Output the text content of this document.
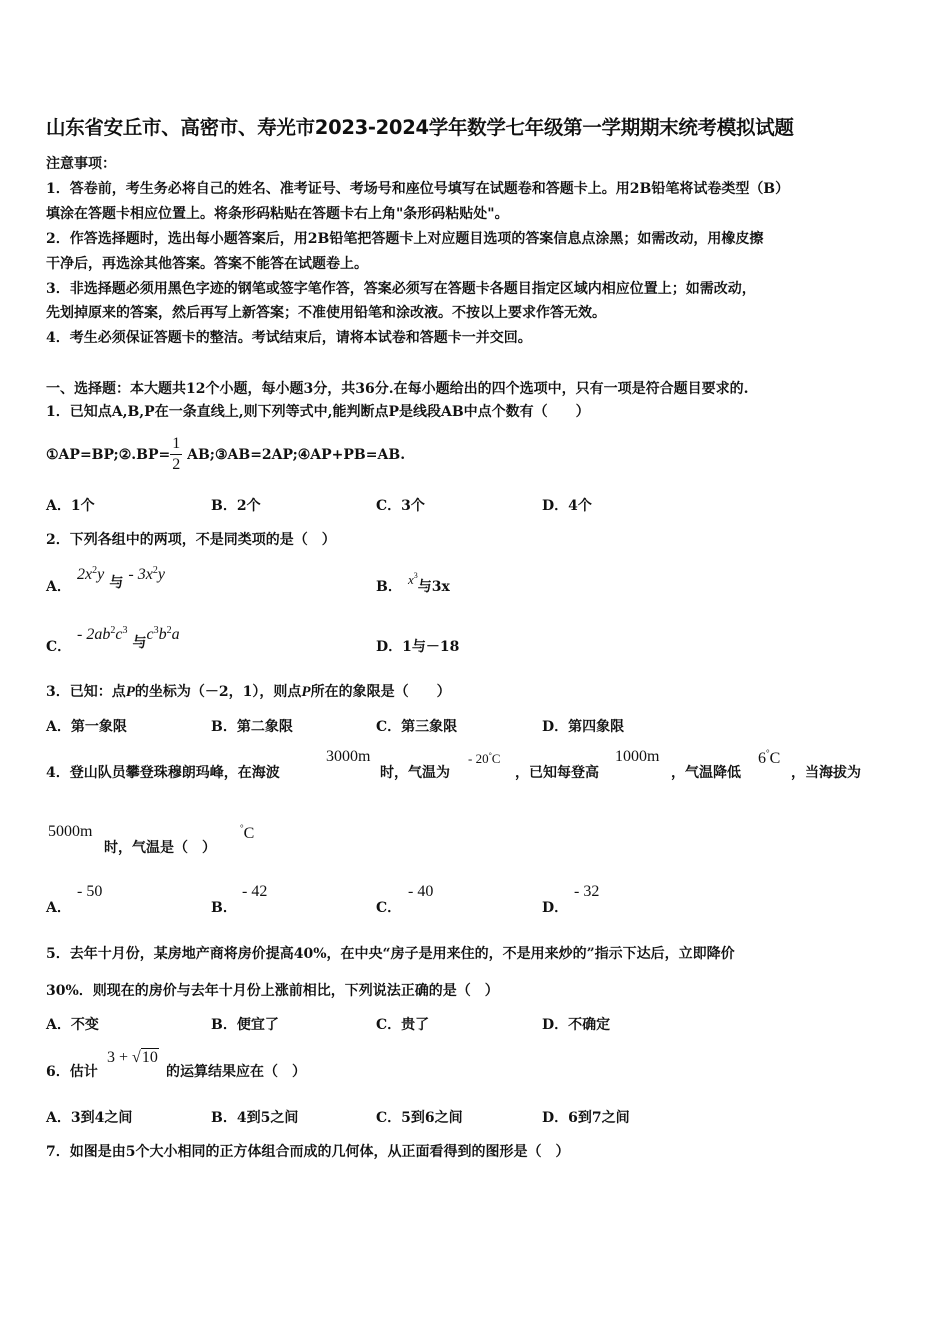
山东省安丘市、高密市、寿光市2023-2024学年数学七年级第一学期期末统考模拟试题
注意事项：
1．答卷前，考生务必将自己的姓名、准考证号、考场号和座位号填写在试题卷和答题卡上。用2B铅笔将试卷类型（B）
填涂在答题卡相应位置上。将条形码粘贴在答题卡右上角"条形码粘贴处"。
2．作答选择题时，选出每小题答案后，用2B铅笔把答题卡上对应题目选项的答案信息点涂黑；如需改动，用橡皮擦
干净后，再选涂其他答案。答案不能答在试题卷上。
3．非选择题必须用黑色字迹的钢笔或签字笔作答，答案必须写在答题卡各题目指定区域内相应位置上；如需改动，
先划掉原来的答案，然后再写上新答案；不准使用铅笔和涂改液。不按以上要求作答无效。
4．考生必须保证答题卡的整洁。考试结束后，请将本试卷和答题卡一并交回。
一、选择题：本大题共12个小题，每小题3分，共36分.在每小题给出的四个选项中，只有一项是符合题目要求的.
1．已知点A,B,P在一条直线上,则下列等式中,能判断点P是线段AB中点个数有（　　）
①AP=BP;②.BP= $\frac{1}{2}$ AB;③AB=2AP;④AP+PB=AB.
A．1个	B．2个	C．3个	D．4个
2．下列各组中的两项，不是同类项的是（　）
A．
$2x^2y$ 与 - $3x^2y$
B． $x^3$与3x
C．
- $2ab^2c^3$ 与$c^3b^2a$
D．1与－18
3．已知：点P的坐标为（－2，1），则点P所在的象限是（　　）
A．第一象限	B．第二象限	C．第三象限	D．第四象限
4．登山队员攀登珠穆朗玛峰，在海波
3000m
时，气温为
- 20°C
，已知每登高
1000m
，气温降低
6°C
，当海拔为
5000m
时，气温是（　）
°C
A．
- 50
B．
- 42
C．
- 40
D．
- 32
5．去年十月份，某房地产商将房价提高40%，在中央“房子是用来住的，不是用来炒的”指示下达后，立即降价
30%．则现在的房价与去年十月份上涨前相比，下列说法正确的是（　）
A．不变	B．便宜了	C．贵了	D．不确定
6．估计
3 + √10
的运算结果应在（　）
A．3到4之间	B．4到5之间	C．5到6之间	D．6到7之间
7．如图是由5个大小相同的正方体组合而成的几何体，从正面看得到的图形是（　）
